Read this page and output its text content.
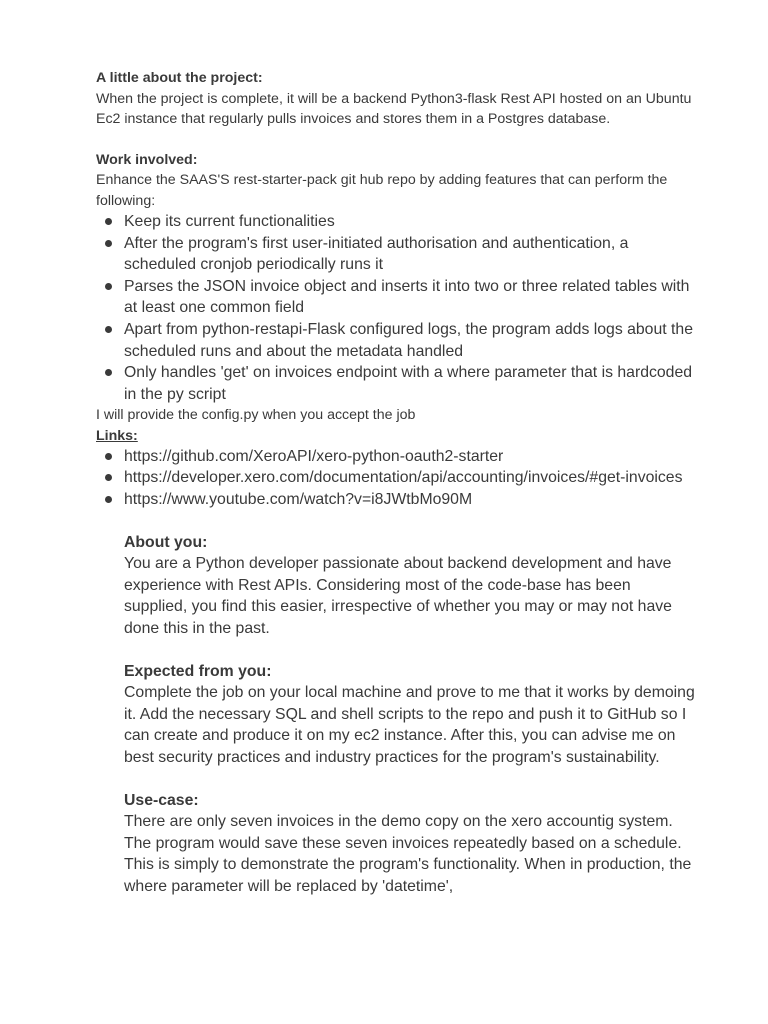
A little about the project:
When the project is complete, it will be a backend Python3-flask Rest API hosted on an Ubuntu Ec2 instance that regularly pulls invoices and stores them in a Postgres database.
Work involved:
Enhance the SAAS'S rest-starter-pack git hub repo by adding features that can perform the following:
Keep its current functionalities
After the program's first user-initiated authorisation and authentication, a scheduled cronjob periodically runs it
Parses the JSON invoice object and inserts it into two or three related tables with at least one common field
Apart from python-restapi-Flask configured logs, the program adds logs about the scheduled runs and about the metadata handled
Only handles 'get' on invoices endpoint with a where parameter that is hardcoded in the py script
I will provide the config.py when you accept the job
Links:
https://github.com/XeroAPI/xero-python-oauth2-starter
https://developer.xero.com/documentation/api/accounting/invoices/#get-invoices
https://www.youtube.com/watch?v=i8JWtbMo90M
About you:
You are a Python developer passionate about backend development and have experience with Rest APIs. Considering most of the code-base has been supplied, you find this easier, irrespective of whether you may or may not have done this in the past.
Expected from you:
Complete the job on your local machine and prove to me that it works by demoing it. Add the necessary SQL and shell scripts to the repo and push it to GitHub so I can create and produce it on my ec2 instance. After this, you can advise me on best security practices and industry practices for the program's sustainability.
Use-case:
There are only seven invoices in the demo copy on the xero accountig system. The program would save these seven invoices repeatedly based on a schedule. This is simply to demonstrate the program's functionality. When in production, the where parameter will be replaced by 'datetime',
